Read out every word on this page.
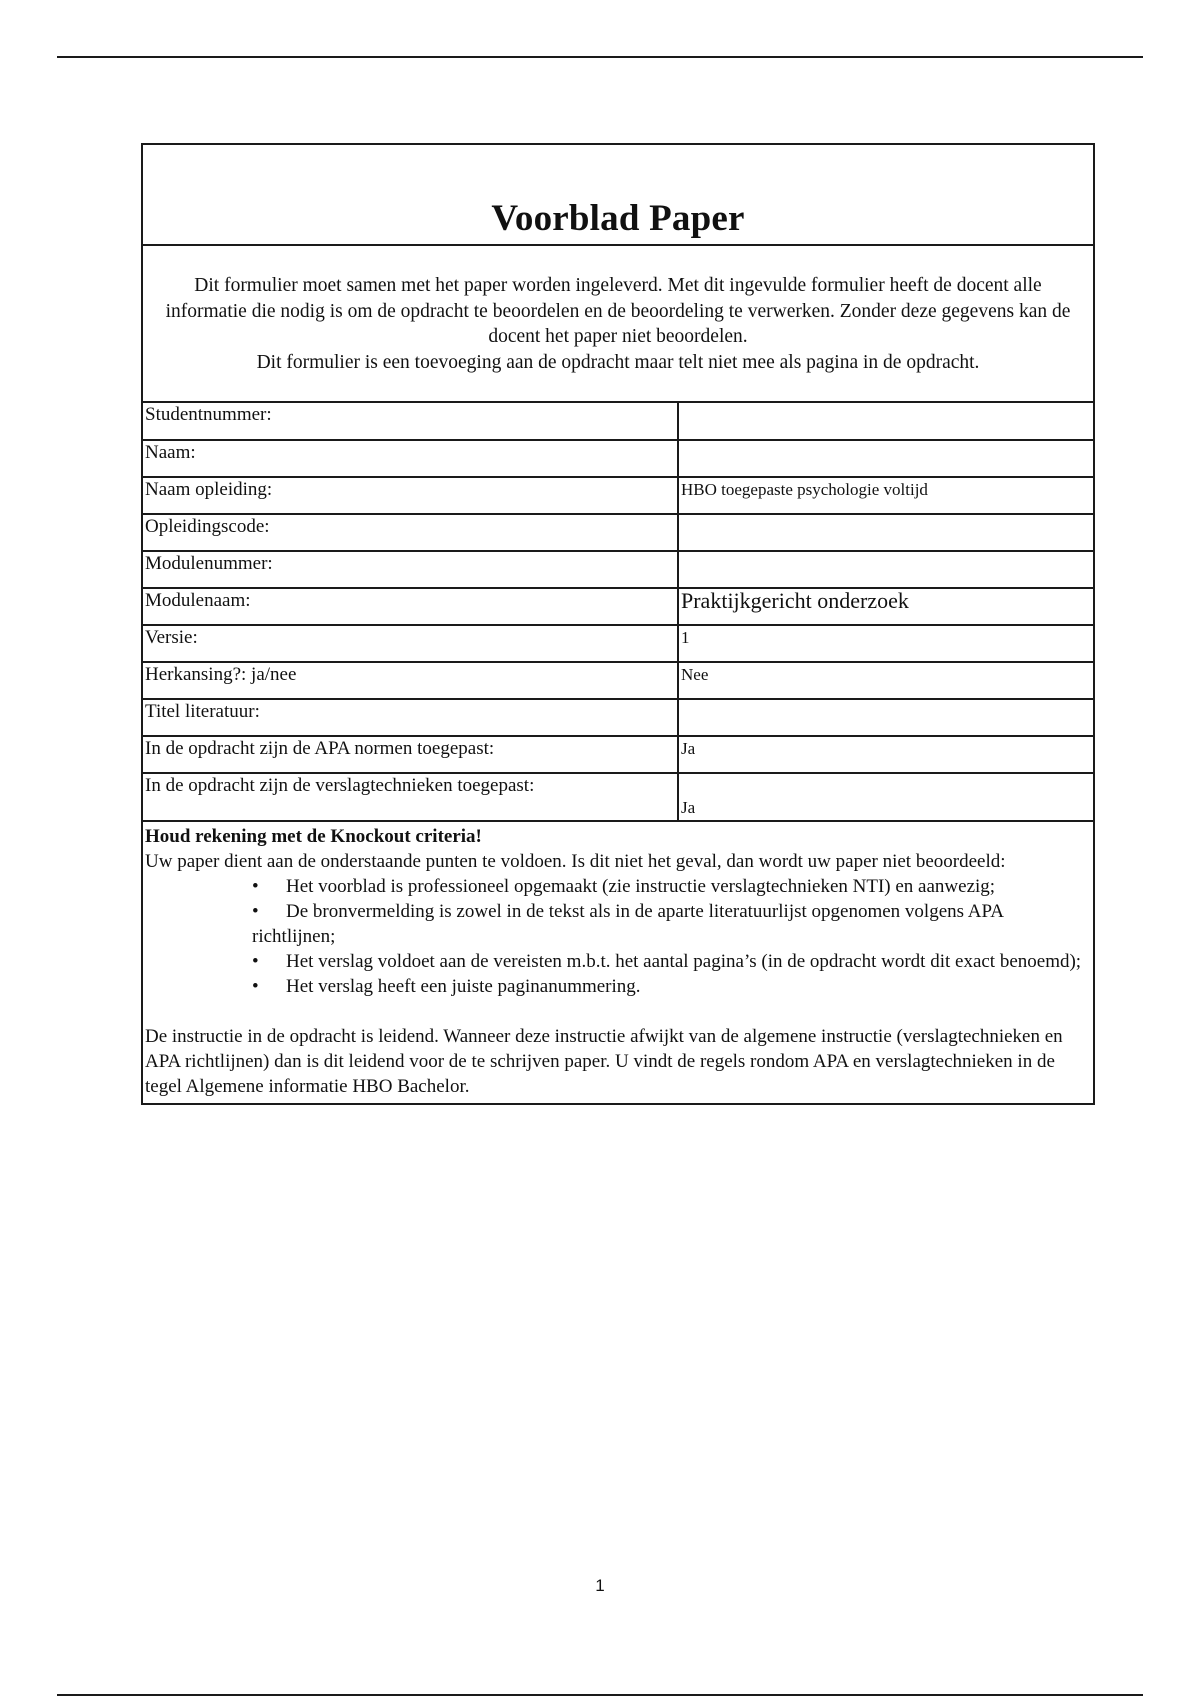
Voorblad Paper

Dit formulier moet samen met het paper worden ingeleverd. Met dit ingevulde formulier heeft de docent alle informatie die nodig is om de opdracht te beoordelen en de beoordeling te verwerken. Zonder deze gegevens kan de docent het paper niet beoordelen.

Dit formulier is een toevoeging aan de opdracht maar telt niet mee als pagina in de opdracht.

Studentnummer:	
Naam:	
Naam opleiding:	HBO toegepaste psychologie voltijd
Opleidingscode:	
Modulenummer:	
Modulenaam:	Praktijkgericht onderzoek
Versie:	1
Herkansing?: ja/nee	Nee
Titel literatuur:	
In de opdracht zijn de APA normen toegepast:	Ja
In de opdracht zijn de verslagtechnieken toegepast:	Ja
Houd rekening met de Knockout criteria!
Uw paper dient aan de onderstaande punten te voldoen. Is dit niet het geval, dan wordt uw paper niet beoordeeld:
• Het voorblad is professioneel opgemaakt (zie instructie verslagtechnieken NTI) en aanwezig;
• De bronvermelding is zowel in de tekst als in de aparte literatuurlijst opgenomen volgens APA richtlijnen;
• Het verslag voldoet aan de vereisten m.b.t. het aantal pagina’s (in de opdracht wordt dit exact benoemd);
• Het verslag heeft een juiste paginanummering.
De instructie in de opdracht is leidend. Wanneer deze instructie afwijkt van de algemene instructie (verslagtechnieken en APA richtlijnen) dan is dit leidend voor de te schrijven paper. U vindt de regels rondom APA en verslagtechnieken in de tegel Algemene informatie HBO Bachelor.
1
